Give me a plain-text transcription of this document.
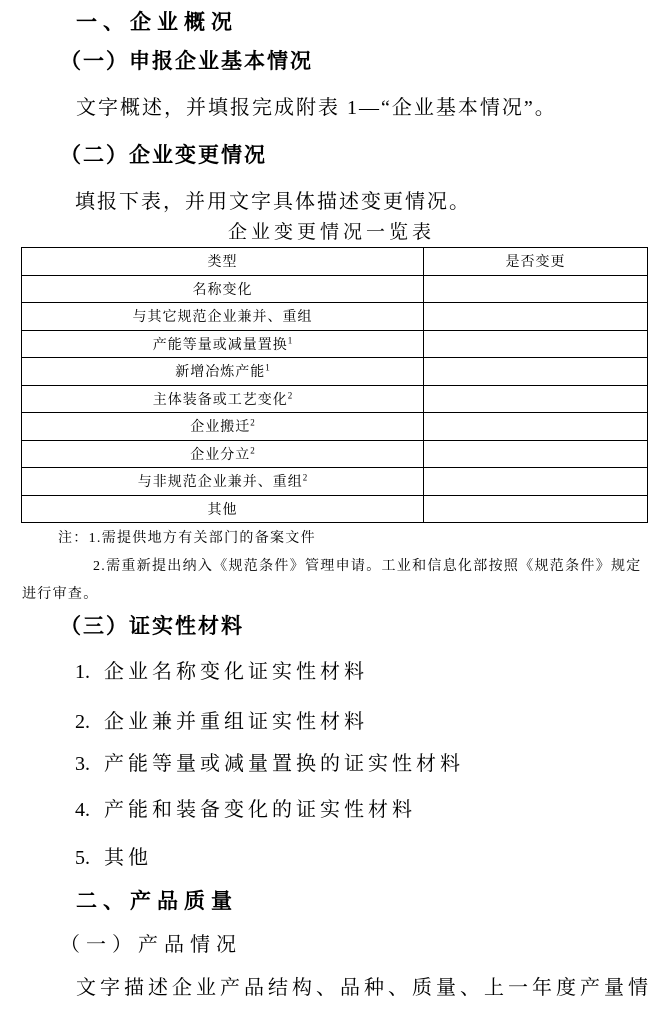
一、企业概况
（一）申报企业基本情况
文字概述，并填报完成附表 1—“企业基本情况”。
（二）企业变更情况
填报下表，并用文字具体描述变更情况。
企业变更情况一览表
类型	是否变更
名称变化	
与其它规范企业兼并、重组	
产能等量或减量置换$^1$	
新增冶炼产能$^1$	
主体装备或工艺变化$^2$	
企业搬迁$^2$	
企业分立$^2$	
与非规范企业兼并、重组$^2$	
其他	
注：1.需提供地方有关部门的备案文件
2.需重新提出纳入《规范条件》管理申请。工业和信息化部按照《规范条件》规定进行审查。
（三）证实性材料
1. 企业名称变化证实性材料
2. 企业兼并重组证实性材料
3. 产能等量或减量置换的证实性材料
4. 产能和装备变化的证实性材料
5. 其他
二、产品质量
（一）产品情况
文字描述企业产品结构、品种、质量、上一年度产量情
